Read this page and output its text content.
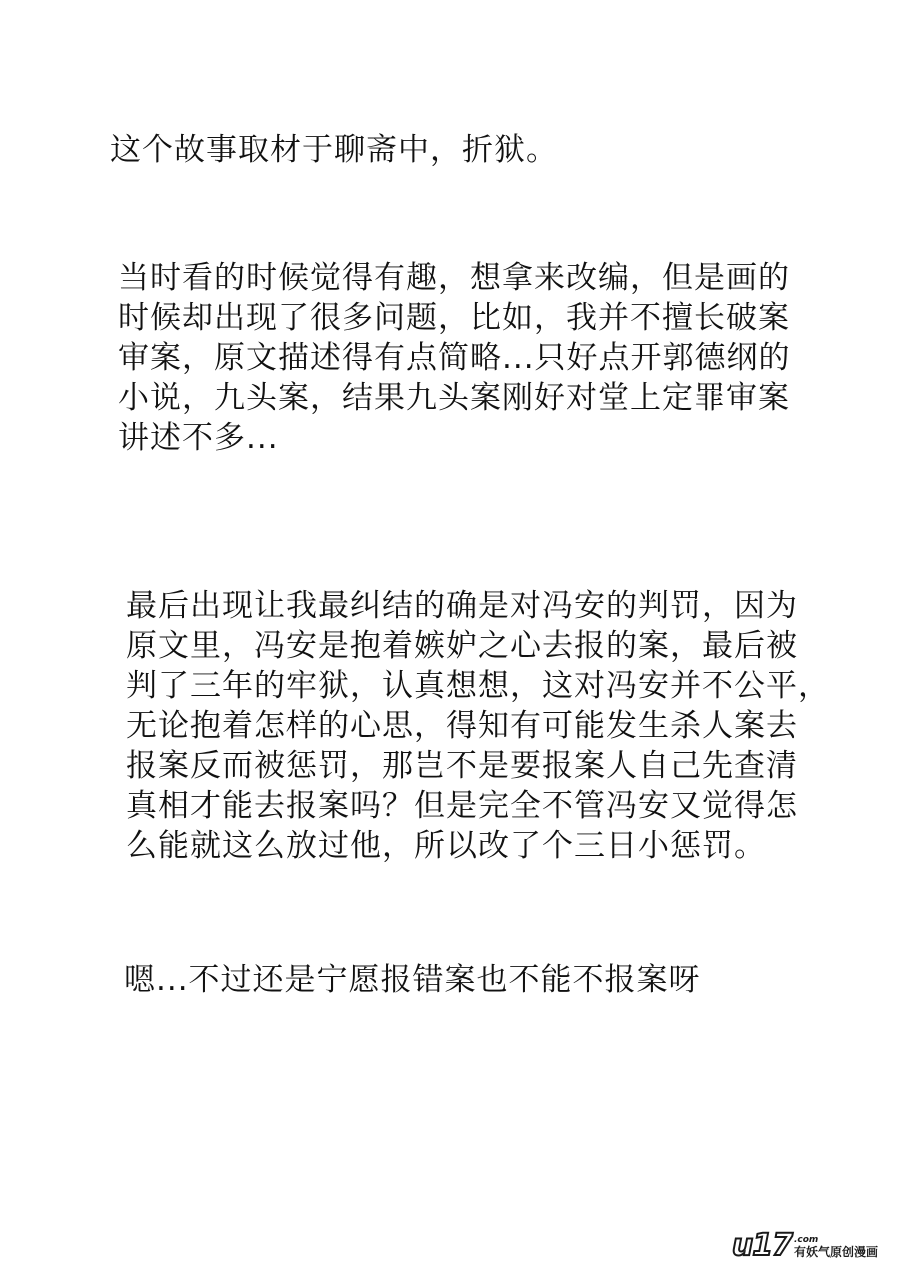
这个故事取材于聊斋中，折狱。

当时看的时候觉得有趣，想拿来改编，但是画的
时候却出现了很多问题，比如，我并不擅长破案
审案，原文描述得有点简略...只好点开郭德纲的
小说，九头案，结果九头案刚好对堂上定罪审案
讲述不多...

最后出现让我最纠结的确是对冯安的判罚，因为
原文里，冯安是抱着嫉妒之心去报的案，最后被
判了三年的牢狱，认真想想，这对冯安并不公平，
无论抱着怎样的心思，得知有可能发生杀人案去
报案反而被惩罚，那岂不是要报案人自己先查清
真相才能去报案吗？但是完全不管冯安又觉得怎
么能就这么放过他，所以改了个三日小惩罚。

嗯...不过还是宁愿报错案也不能不报案呀

u17 .com
有妖气原创漫画
